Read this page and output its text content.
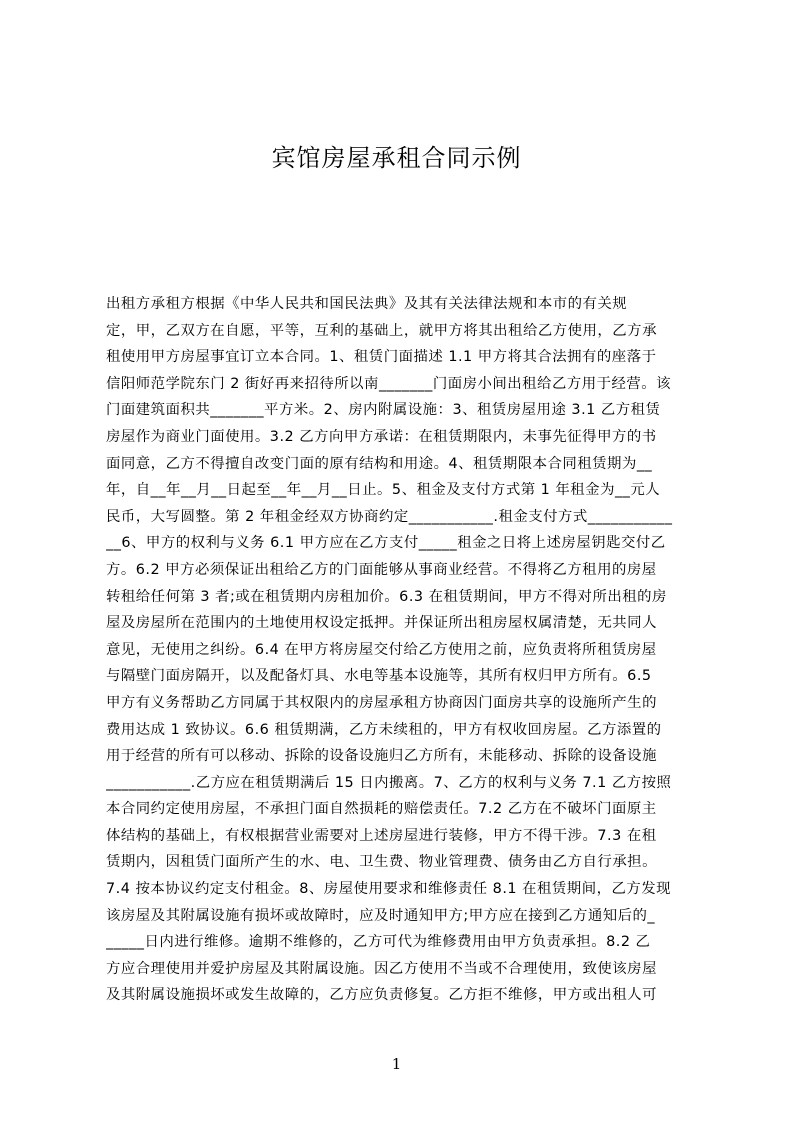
宾馆房屋承租合同示例
出租方承租方根据《中华人民共和国民法典》及其有关法律法规和本市的有关规
定，甲，乙双方在自愿，平等，互利的基础上，就甲方将其出租给乙方使用，乙方承
租使用甲方房屋事宜订立本合同。1、租赁门面描述 1.1 甲方将其合法拥有的座落于
信阳师范学院东门 2 街好再来招待所以南_______门面房小间出租给乙方用于经营。该
门面建筑面积共_______平方米。2、房内附属设施：3、租赁房屋用途 3.1 乙方租赁
房屋作为商业门面使用。3.2 乙方向甲方承诺：在租赁期限内，未事先征得甲方的书
面同意，乙方不得擅自改变门面的原有结构和用途。4、租赁期限本合同租赁期为__
年，自__年__月__日起至__年__月__日止。5、租金及支付方式第 1 年租金为__元人
民币，大写圆整。第 2 年租金经双方协商约定___________.租金支付方式___________
__6、甲方的权利与义务 6.1 甲方应在乙方支付_____租金之日将上述房屋钥匙交付乙
方。6.2 甲方必须保证出租给乙方的门面能够从事商业经营。不得将乙方租用的房屋
转租给任何第 3 者;或在租赁期内房租加价。6.3 在租赁期间，甲方不得对所出租的房
屋及房屋所在范围内的土地使用权设定抵押。并保证所出租房屋权属清楚，无共同人
意见，无使用之纠纷。6.4 在甲方将房屋交付给乙方使用之前，应负责将所租赁房屋
与隔壁门面房隔开，以及配备灯具、水电等基本设施等，其所有权归甲方所有。6.5
甲方有义务帮助乙方同属于其权限内的房屋承租方协商因门面房共享的设施所产生的
费用达成 1 致协议。6.6 租赁期满，乙方未续租的，甲方有权收回房屋。乙方添置的
用于经营的所有可以移动、拆除的设备设施归乙方所有，未能移动、拆除的设备设施
___________.乙方应在租赁期满后 15 日内搬离。7、乙方的权利与义务 7.1 乙方按照
本合同约定使用房屋，不承担门面自然损耗的赔偿责任。7.2 乙方在不破坏门面原主
体结构的基础上，有权根据营业需要对上述房屋进行装修，甲方不得干涉。7.3 在租
赁期内，因租赁门面所产生的水、电、卫生费、物业管理费、债务由乙方自行承担。
7.4 按本协议约定支付租金。8、房屋使用要求和维修责任 8.1 在租赁期间，乙方发现
该房屋及其附属设施有损坏或故障时，应及时通知甲方;甲方应在接到乙方通知后的_
_____日内进行维修。逾期不维修的，乙方可代为维修费用由甲方负责承担。8.2 乙
方应合理使用并爱护房屋及其附属设施。因乙方使用不当或不合理使用，致使该房屋
及其附属设施损坏或发生故障的，乙方应负责修复。乙方拒不维修，甲方或出租人可
1
